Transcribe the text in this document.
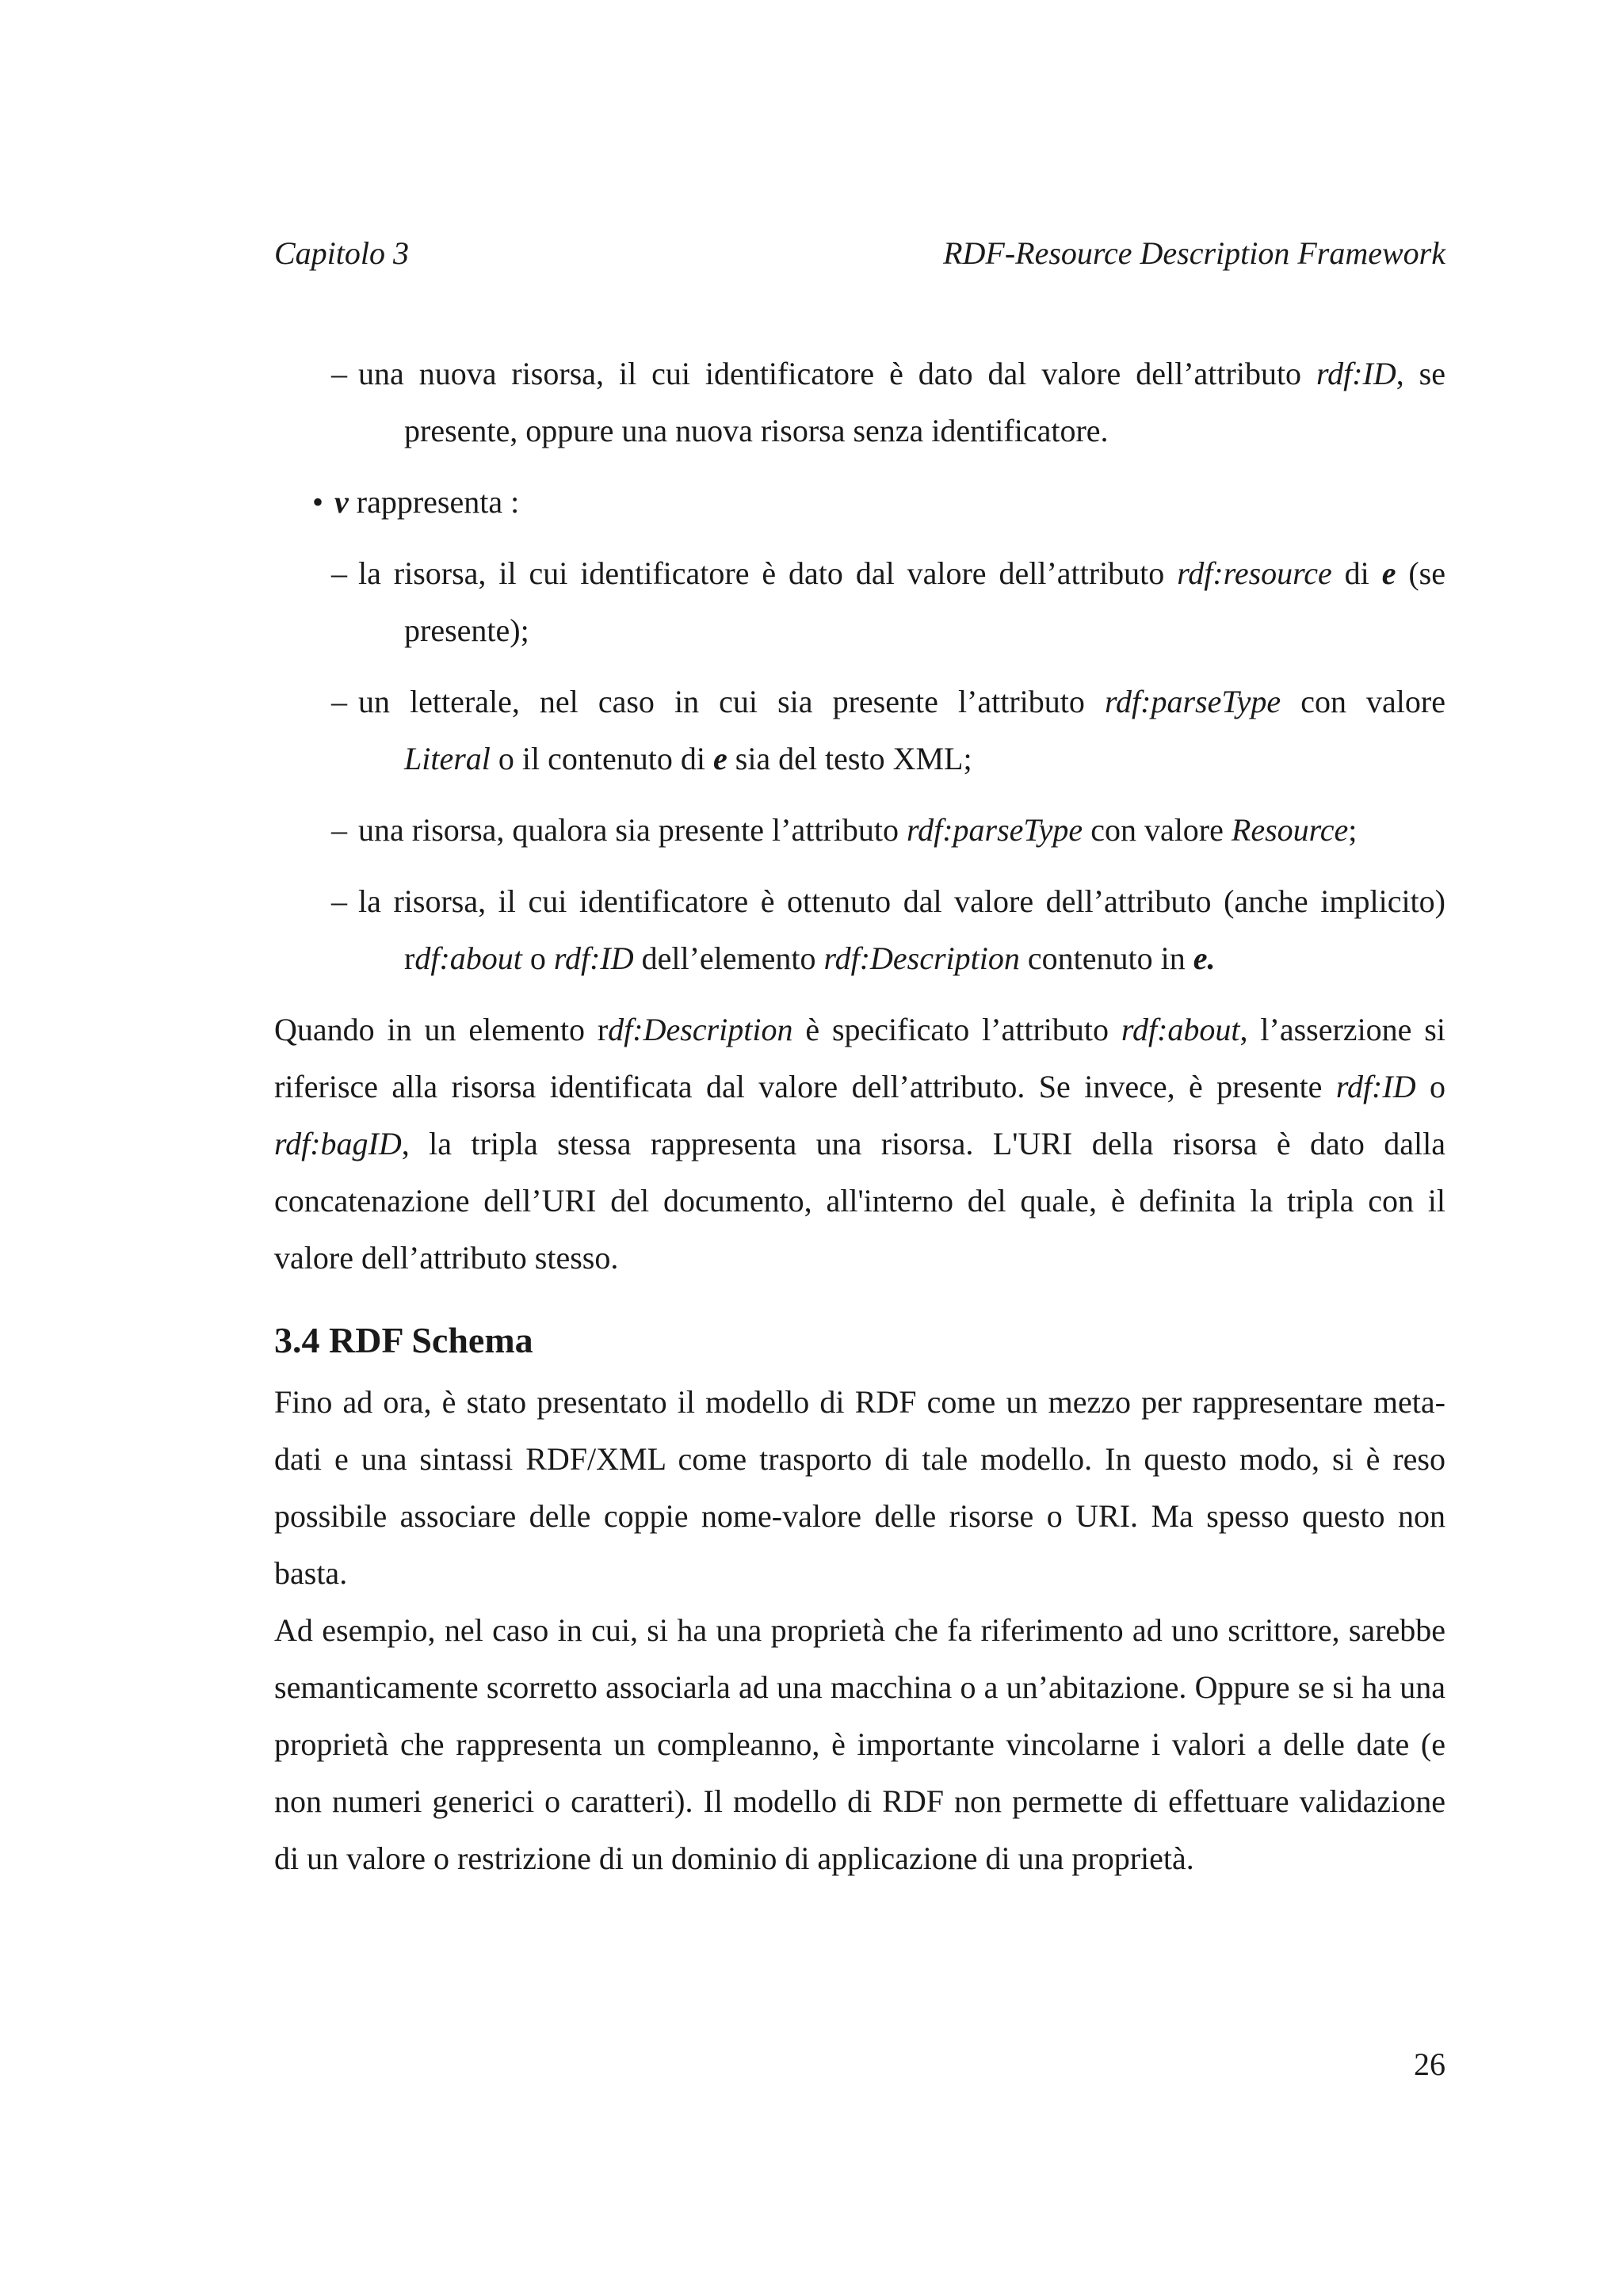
Capitolo 3	RDF-Resource Description Framework
una nuova risorsa, il cui identificatore è dato dal valore dell’attributo rdf:ID, se
presente, oppure una nuova risorsa senza identificatore.
• v rappresenta :
la risorsa, il cui identificatore è dato dal valore dell’attributo rdf:resource di e (se
presente);
un letterale, nel caso in cui sia presente l’attributo rdf:parseType con valore
Literal o il contenuto di e sia del testo XML;
una risorsa, qualora sia presente l’attributo rdf:parseType con valore Resource;
la risorsa, il cui identificatore è ottenuto dal valore dell’attributo (anche implicito)
rdf:about o rdf:ID dell’elemento rdf:Description contenuto in e.

Quando in un elemento rdf:Description è specificato l’attributo rdf:about, l’asserzione si riferisce alla risorsa identificata dal valore dell’attributo. Se invece, è presente rdf:ID o rdf:bagID, la tripla stessa rappresenta una risorsa. L'URI della risorsa è dato dalla concatenazione dell’URI del documento, all'interno del quale, è definita la tripla con il valore dell’attributo stesso.

3.4 RDF Schema

Fino ad ora, è stato presentato il modello di RDF come un mezzo per rappresentare meta-dati e una sintassi RDF/XML come trasporto di tale modello. In questo modo, si è reso possibile associare delle coppie nome-valore delle risorse o URI. Ma spesso questo non basta.

Ad esempio, nel caso in cui, si ha una proprietà che fa riferimento ad uno scrittore, sarebbe semanticamente scorretto associarla ad una macchina o a un’abitazione. Oppure se si ha una proprietà che rappresenta un compleanno, è importante vincolarne i valori a delle date (e non numeri generici o caratteri). Il modello di RDF non permette di effettuare validazione di un valore o restrizione di un dominio di applicazione di una proprietà.

26
